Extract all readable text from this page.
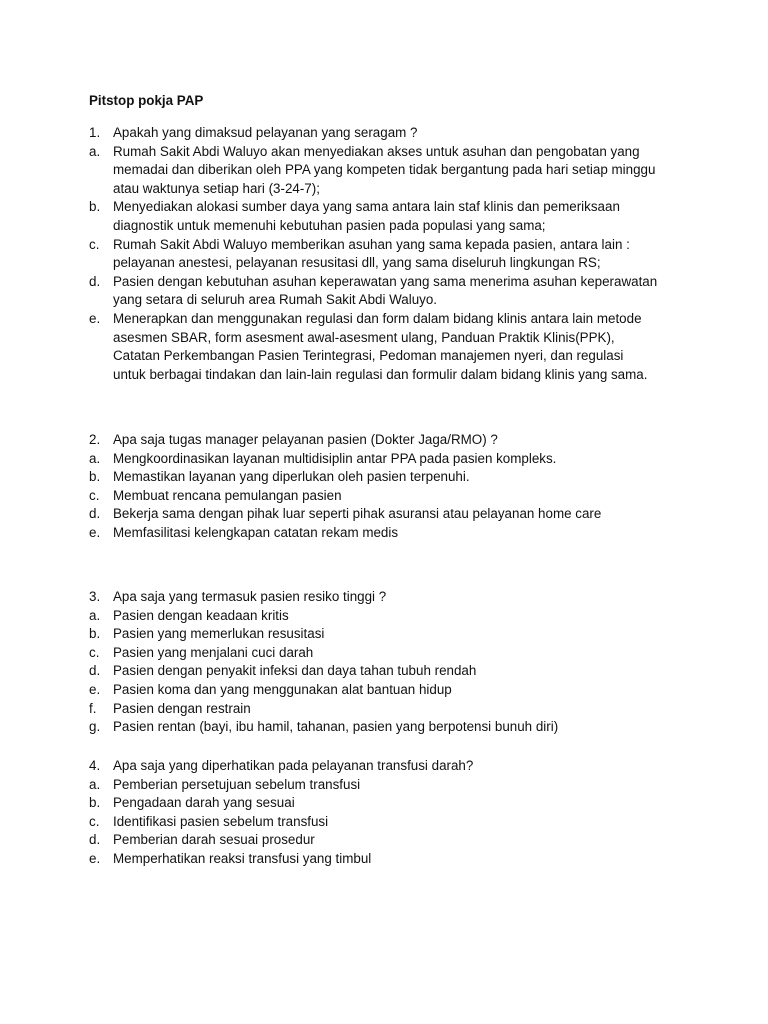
Pitstop pokja PAP
1. Apakah yang dimaksud pelayanan yang seragam ?
a. Rumah Sakit Abdi Waluyo akan menyediakan akses untuk asuhan dan pengobatan yang
memadai dan diberikan oleh PPA yang kompeten tidak bergantung pada hari setiap minggu
atau waktunya setiap hari (3-24-7);
b. Menyediakan alokasi sumber daya yang sama antara lain staf klinis dan pemeriksaan
diagnostik untuk memenuhi kebutuhan pasien pada populasi yang sama;
c.	Rumah Sakit Abdi Waluyo memberikan asuhan yang sama kepada pasien, antara lain :
pelayanan anestesi, pelayanan resusitasi dll, yang sama diseluruh lingkungan RS;
d. Pasien dengan kebutuhan asuhan keperawatan yang sama menerima asuhan keperawatan
yang setara di seluruh area Rumah Sakit Abdi Waluyo.
e. Menerapkan dan menggunakan regulasi dan form dalam bidang klinis antara lain metode
asesmen SBAR, form asesment awal-asesment ulang, Panduan Praktik Klinis(PPK),
Catatan Perkembangan Pasien Terintegrasi, Pedoman manajemen nyeri, dan regulasi
untuk berbagai tindakan dan lain-lain regulasi dan formulir dalam bidang klinis yang sama.
2. Apa saja tugas manager pelayanan pasien (Dokter Jaga/RMO) ?
a. Mengkoordinasikan layanan multidisiplin antar PPA pada pasien kompleks.
b. Memastikan layanan yang diperlukan oleh pasien terpenuhi.
c.	Membuat rencana pemulangan pasien
d. Bekerja sama dengan pihak luar seperti pihak asuransi atau pelayanan home care
e. Memfasilitasi kelengkapan catatan rekam medis
3. Apa saja yang termasuk pasien resiko tinggi ?
a. Pasien dengan keadaan kritis
b. Pasien yang memerlukan resusitasi
c.	Pasien yang menjalani cuci darah
d. Pasien dengan penyakit infeksi dan daya tahan tubuh rendah
e. Pasien koma dan yang menggunakan alat bantuan hidup
f.	Pasien dengan restrain
g. Pasien rentan (bayi, ibu hamil, tahanan, pasien yang berpotensi bunuh diri)
4. Apa saja yang diperhatikan pada pelayanan transfusi darah?
a. Pemberian persetujuan sebelum transfusi
b. Pengadaan darah yang sesuai
c.	Identifikasi pasien sebelum transfusi
d. Pemberian darah sesuai prosedur
e. Memperhatikan reaksi transfusi yang timbul
